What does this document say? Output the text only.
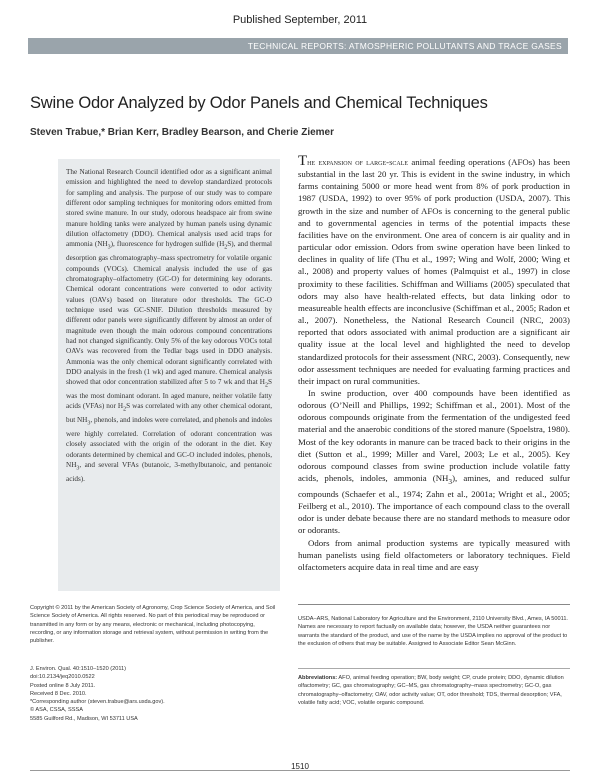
Published September, 2011
TECHNICAL REPORTS: ATMOSPHERIC POLLUTANTS AND TRACE GASES
Swine Odor Analyzed by Odor Panels and Chemical Techniques
Steven Trabue,* Brian Kerr, Bradley Bearson, and Cherie Ziemer
The National Research Council identified odor as a significant animal emission and highlighted the need to develop standardized protocols for sampling and analysis. The purpose of our study was to compare different odor sampling techniques for monitoring odors emitted from stored swine manure. In our study, odorous headspace air from swine manure holding tanks were analyzed by human panels using dynamic dilution olfactometry (DDO). Chemical analysis used acid traps for ammonia $(NH_3)$, fluorescence for hydrogen sulfide $(H_2S)$, and thermal desorption gas chromatography–mass spectrometry for volatile organic compounds (VOCs). Chemical analysis included the use of gas chromatography–olfactometry (GC-O) for determining key odorants. Chemical odorant concentrations were converted to odor activity values (OAVs) based on literature odor thresholds. The GC-O technique used was GC-SNIF. Dilution thresholds measured by different odor panels were significantly different by almost an order of magnitude even though the main odorous compound concentrations had not changed significantly. Only 5% of the key odorous VOCs total OAVs was recovered from the Tedlar bags used in DDO analysis. Ammonia was the only chemical odorant significantly correlated with DDO analysis in the fresh (1 wk) and aged manure. Chemical analysis showed that odor concentration stabilized after 5 to 7 wk and that $H_2S$ was the most dominant odorant. In aged manure, neither volatile fatty acids (VFAs) nor $H_2S$ was correlated with any other chemical odorant, but $NH_3$, phenols, and indoles were correlated, and phenols and indoles were highly correlated. Correlation of odorant concentration was closely associated with the origin of the odorant in the diet. Key odorants determined by chemical and GC-O included indoles, phenols, $NH_3$, and several VFAs (butanoic, 3-methylbutanoic, and pentanoic acids).

The expansion of large-scale animal feeding operations (AFOs) has been substantial in the last 20 yr. This is evident in the swine industry, in which farms containing 5000 or more head went from 8% of pork production in 1987 (USDA, 1992) to over 95% of pork production (USDA, 2007). This growth in the size and number of AFOs is concerning to the general public and to governmental agencies in terms of the potential impacts these facilities have on the environment. One area of concern is air quality and in particular odor emission. Odors from swine operation have been linked to declines in quality of life (Thu et al., 1997; Wing and Wolf, 2000; Wing et al., 2008) and property values of homes (Palmquist et al., 1997) in close proximity to these facilities. Schiffman and Williams (2005) speculated that odors may also have health-related effects, but data linking odor to measureable health effects are inconclusive (Schiffman et al., 2005; Radon et al., 2007). Nonetheless, the National Research Council (NRC, 2003) reported that odors associated with animal production are a significant air quality issue at the local level and highlighted the need to develop standardized protocols for their assessment (NRC, 2003). Consequently, new odor assessment techniques are needed for evaluating farming practices and their impact on rural communities.

In swine production, over 400 compounds have been identified as odorous (O’Neill and Phillips, 1992; Schiffman et al., 2001). Most of the odorous compounds originate from the fermentation of the undigested feed material and the anaerobic conditions of the stored manure (Spoelstra, 1980). Most of the key odorants in manure can be traced back to their origins in the diet (Sutton et al., 1999; Miller and Varel, 2003; Le et al., 2005). Key odorous compound classes from swine production include volatile fatty acids, phenols, indoles, ammonia $(NH_3)$, amines, and reduced sulfur compounds (Schaefer et al., 1974; Zahn et al., 2001a; Wright et al., 2005; Feilberg et al., 2010). The importance of each compound class to the overall odor is under debate because there are no standard methods to measure odor or odorants.

Odors from animal production systems are typically measured with human panelists using field olfactometers or laboratory techniques. Field olfactometers acquire data in real time and are easy

Copyright © 2011 by the American Society of Agronomy, Crop Science Society of America, and Soil Science Society of America. All rights reserved. No part of this periodical may be reproduced or transmitted in any form or by any means, electronic or mechanical, including photocopying, recording, or any information storage and retrieval system, without permission in writing from the publisher.
J. Environ. Qual. 40:1510–1520 (2011)
doi:10.2134/jeq2010.0522
Posted online 8 July 2011.
Received 8 Dec. 2010.
*Corresponding author (steven.trabue@ars.usda.gov).
© ASA, CSSA, SSSA
5585 Guilford Rd., Madison, WI 53711 USA
USDA–ARS, National Laboratory for Agriculture and the Environment, 2110 University Blvd., Ames, IA 50011. Names are necessary to report factually on available data; however, the USDA neither guarantees nor warrants the standard of the product, and use of the name by the USDA implies no approval of the product to the exclusion of others that may be suitable. Assigned to Associate Editor Sean McGinn.
Abbreviations: AFO, animal feeding operation; BW, body weight; CP, crude protein; DDO, dynamic dilution olfactometry; GC, gas chromatography; GC–MS, gas chromatography–mass spectrometry; GC-O, gas chromatography–olfactometry; OAV, odor activity value; OT, odor threshold; TDS, thermal desorption; VFA, volatile fatty acid; VOC, volatile organic compound.
1510
